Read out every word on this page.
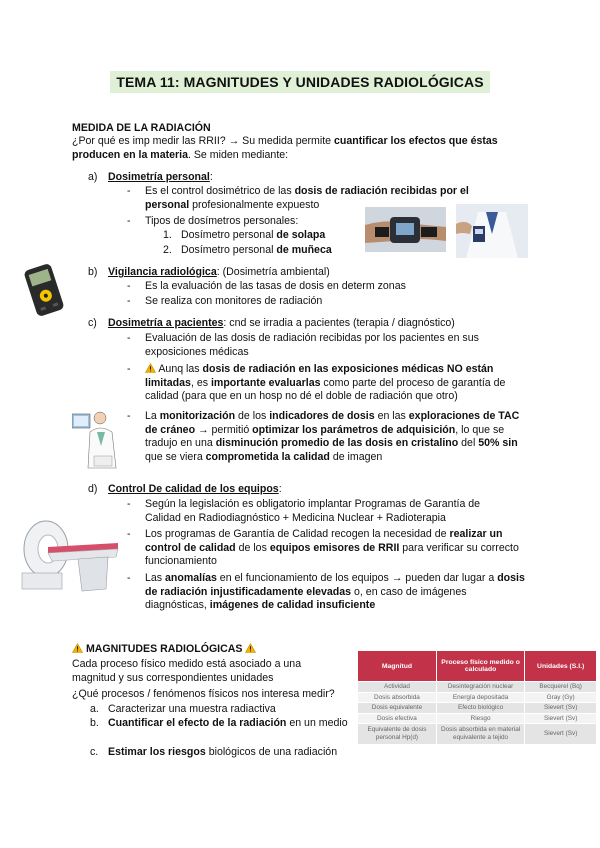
TEMA 11: MAGNITUDES Y UNIDADES RADIOLÓGICAS
MEDIDA DE LA RADIACIÓN
¿Por qué es imp medir las RRII? → Su medida permite cuantificar los efectos que éstas producen en la materia. Se miden mediante:
a) Dosimetría personal:
- Es el control dosimétrico de las dosis de radiación recibidas por el personal profesionalmente expuesto
- Tipos de dosímetros personales:
1. Dosímetro personal de solapa
2. Dosímetro personal de muñeca
b) Vigilancia radiológica: (Dosimetría ambiental)
- Es la evaluación de las tasas de dosis en determ zonas
- Se realiza con monitores de radiación
c) Dosimetría a pacientes: cnd se irradia a pacientes (terapia / diagnóstico)
- Evaluación de las dosis de radiación recibidas por los pacientes en sus exposiciones médicas
-	Aunq las dosis de radiación en las exposiciones médicas NO están limitadas, es importante evaluarlas como parte del proceso de garantía de calidad (para que en un hosp no dé el doble de radiación que otro)
- La monitorización de los indicadores de dosis en las exploraciones de TAC de cráneo → permitió optimizar los parámetros de adquisición, lo que se tradujo en una disminución promedio de las dosis en cristalino del 50% sin que se viera comprometida la calidad de imagen
d) Control De calidad de los equipos:
- Según la legislación es obligatorio implantar Programas de Garantía de Calidad en Radiodiagnóstico + Medicina Nuclear + Radioterapia
- Los programas de Garantía de Calidad recogen la necesidad de realizar un control de calidad de los equipos emisores de RRII para verificar su correcto funcionamiento
- Las anomalías en el funcionamiento de los equipos → pueden dar lugar a dosis de radiación injustificadamente elevadas o, en caso de imágenes diagnósticas, imágenes de calidad insuficiente
MAGNITUDES RADIOLÓGICAS
Cada proceso físico medido está asociado a una magnitud y sus correspondientes unidades
¿Qué procesos / fenómenos físicos nos interesa medir?
a. Caracterizar una muestra radiactiva
b. Cuantificar el efecto de la radiación en un medio
c. Estimar los riesgos biológicos de una radiación
Magnitud	Proceso físico medido o calculado	Unidades (S.I.)
Actividad	Desintegración nuclear	Becquerel (Bq)
Dosis absorbida	Energía depositada	Gray (Gy)
Dosis equivalente	Efecto biológico	Sievert (Sv)
Dosis efectiva	Riesgo	Sievert (Sv)
Equivalente de dosis personal Hp(d)	Dosis absorbida en material equivalente a tejido	Sievert (Sv)
